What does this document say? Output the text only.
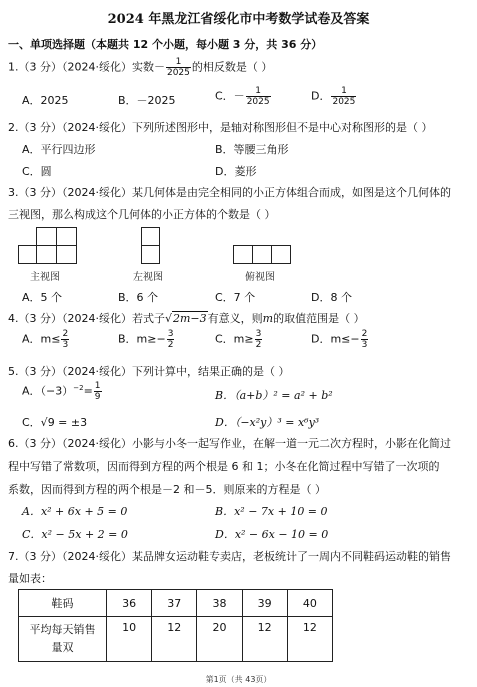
2024 年黑龙江省绥化市中考数学试卷及答案
一、单项选择题（本题共 12 个小题，每小题 3 分，共 36 分）
1.（3 分）（2024·绥化）实数－ $\frac{1}{2025}$ 的相反数是（ ）
A．2025	B．－2025	C．－ $\frac{1}{2025}$	D． $\frac{1}{2025}$
2.（3 分）（2024·绥化）下列所述图形中，是轴对称图形但不是中心对称图形的是（ ）
A．平行四边形	B．等腰三角形
C．圆	D．菱形
3.（3 分）（2024·绥化）某几何体是由完全相同的小正方体组合而成，如图是这个几何体的
三视图，那么构成这个几何体的小正方体的个数是（ ）
主视图	左视图	俯视图
A．5 个	B．6 个	C．7 个	D．8 个
4.（3 分）（2024·绥化）若式子√2m−3有意义，则m的取值范围是（ ）
A．$m\le \frac{2}{3}$	B．$m\ge- \frac{3}{2}$	C．$m\ge \frac{3}{2}$	D．$m\le- \frac{2}{3}$
5.（3 分）（2024·绥化）下列计算中，结果正确的是（ ）
A．$(-3)^{-2}= \frac{1}{9}$	B．（a+b）² = a² + b²
C．√9 = ±3	D．（−x²y）³ = x⁶y³
6.（3 分）（2024·绥化）小影与小冬一起写作业，在解一道一元二次方程时，小影在化简过
程中写错了常数项，因而得到方程的两个根是 6 和 1；小冬在化简过程中写错了一次项的
系数，因而得到方程的两个根是－2 和－5．则原来的方程是（ ）
A．x² + 6x + 5 = 0	B．x² − 7x + 10 = 0
C．x² − 5x + 2 = 0	D．x² − 6x − 10 = 0
7.（3 分）（2024·绥化）某品牌女运动鞋专卖店，老板统计了一周内不同鞋码运动鞋的销售
量如表：
鞋码	36	37	38	39	40
平均每天销售
量双	10	12	20	12	12
第1页（共 43页）
